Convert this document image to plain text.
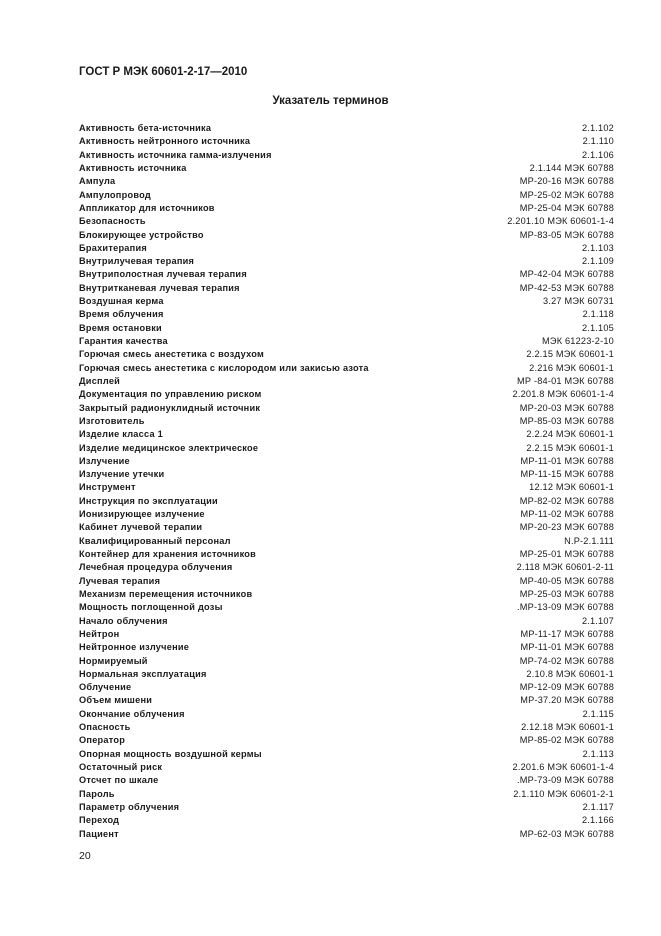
ГОСТ Р МЭК 60601-2-17—2010
Указатель терминов
Активность бета-источника	2.1.102
Активность нейтронного источника	2.1.110
Активность источника гамма-излучения	2.1.106
Активность источника	2.1.144 МЭК 60788
Ампула	МР-20-16 МЭК 60788
Ампулопровод	МР-25-02 МЭК 60788
Аппликатор для источников	МР-25-04 МЭК 60788
Безопасность	2.201.10 МЭК 60601-1-4
Блокирующее устройство	МР-83-05 МЭК 60788
Брахитерапия	2.1.103
Внутрилучевая терапия	2.1.109
Внутриполостная лучевая терапия	МР-42-04 МЭК 60788
Внутритканевая лучевая терапия	МР-42-53 МЭК 60788
Воздушная керма	3.27 МЭК 60731
Время облучения	2.1.118
Время остановки	2.1.105
Гарантия качества	МЭК 61223-2-10
Горючая смесь анестетика с воздухом	2.2.15 МЭК 60601-1
Горючая смесь анестетика с кислородом или закисью азота	2.216 МЭК 60601-1
Дисплей	МР -84-01 МЭК 60788
Документация по управлению риском	2.201.8 МЭК 60601-1-4
Закрытый радионуклидный источник	МР-20-03 МЭК 60788
Изготовитель	МР-85-03 МЭК 60788
Изделие класса 1	2.2.24 МЭК 60601-1
Изделие медицинское электрическое	2.2.15 МЭК 60601-1
Излучение	МР-11-01 МЭК 60788
Излучение утечки	МР-11-15 МЭК 60788
Инструмент	12.12 МЭК 60601-1
Инструкция по эксплуатации	МР-82-02 МЭК 60788
Ионизирующее излучение	МР-11-02 МЭК 60788
Кабинет лучевой терапии	МР-20-23 МЭК 60788
Квалифицированный персонал	N.P-2.1.111
Контейнер для хранения источников	МР-25-01 МЭК 60788
Лечебная процедура облучения	2.118 МЭК 60601-2-11
Лучевая терапия	МР-40-05 МЭК 60788
Механизм перемещения источников	МР-25-03 МЭК 60788
Мощность поглощенной дозы	.МР-13-09 МЭК 60788
Начало облучения	2.1.107
Нейтрон	МР-11-17 МЭК 60788
Нейтронное излучение	МР-11-01 МЭК 60788
Нормируемый	МР-74-02 МЭК 60788
Нормальная эксплуатация	2.10.8 МЭК 60601-1
Облучение	МР-12-09 МЭК 60788
Объем мишени	МР-37.20 МЭК 60788
Окончание облучения	2.1.115
Опасность	2.12.18 МЭК 60601-1
Оператор	МР-85-02 МЭК 60788
Опорная мощность воздушной кермы	2.1.113
Остаточный риск	2.201.6 МЭК 60601-1-4
Отсчет по шкале	.МР-73-09 МЭК 60788
Пароль	2.1.110 МЭК 60601-2-1
Параметр облучения	2.1.117
Переход	2.1.166
Пациент	МР-62-03 МЭК 60788
20
